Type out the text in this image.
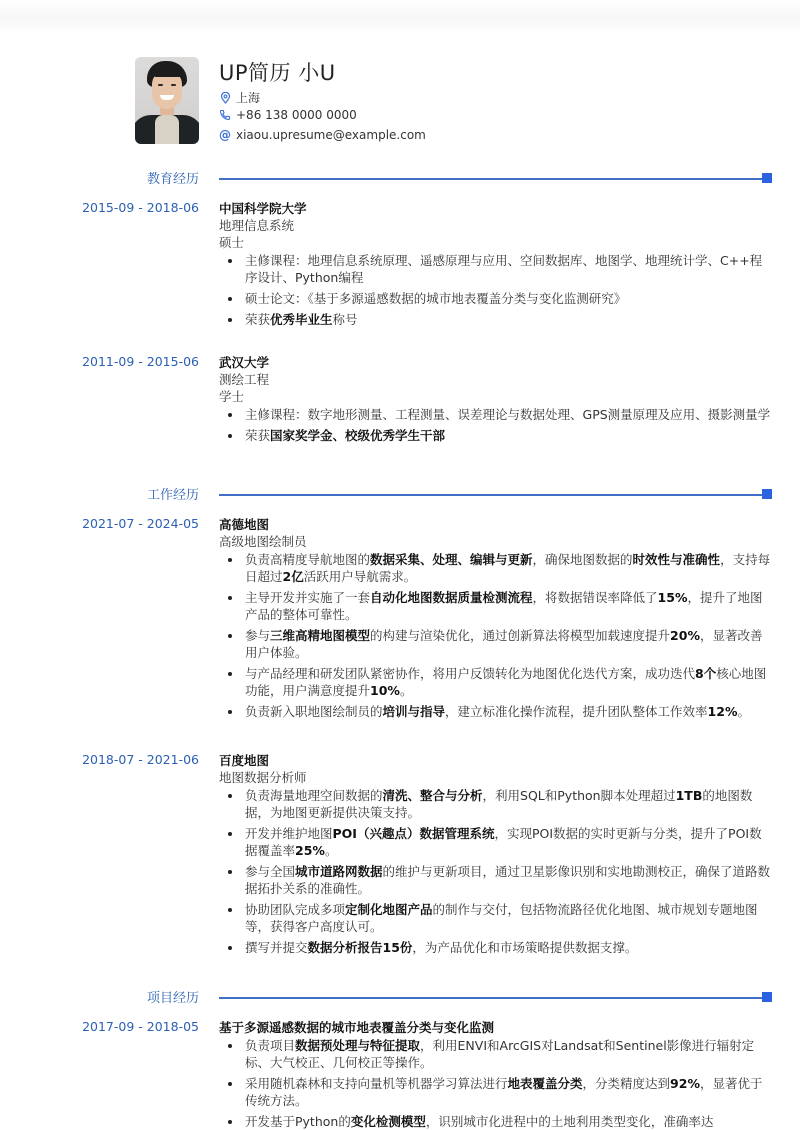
UP简历 小U
上海
+86 138 0000 0000
@ xiaou.upresume@example.com
教育经历
2015-09 - 2018-06 中国科学院大学
地理信息系统
硕士
主修课程：地理信息系统原理、遥感原理与应用、空间数据库、地图学、地理统计学、C++程序设计、Python编程
硕士论文：《基于多源遥感数据的城市地表覆盖分类与变化监测研究》
荣获优秀毕业生称号
2011-09 - 2015-06 武汉大学
测绘工程
学士
主修课程：数字地形测量、工程测量、误差理论与数据处理、GPS测量原理及应用、摄影测量学
荣获国家奖学金、校级优秀学生干部
工作经历
2021-07 - 2024-05 高德地图
高级地图绘制员
负责高精度导航地图的数据采集、处理、编辑与更新，确保地图数据的时效性与准确性，支持每日超过2亿活跃用户导航需求。
主导开发并实施了一套自动化地图数据质量检测流程，将数据错误率降低了15%，提升了地图产品的整体可靠性。
参与三维高精地图模型的构建与渲染优化，通过创新算法将模型加载速度提升20%，显著改善用户体验。
与产品经理和研发团队紧密协作，将用户反馈转化为地图优化迭代方案，成功迭代8个核心地图功能，用户满意度提升10%。
负责新入职地图绘制员的培训与指导，建立标准化操作流程，提升团队整体工作效率12%。
2018-07 - 2021-06 百度地图
地图数据分析师
负责海量地理空间数据的清洗、整合与分析，利用SQL和Python脚本处理超过1TB的地图数据，为地图更新提供决策支持。
开发并维护地图POI（兴趣点）数据管理系统，实现POI数据的实时更新与分类，提升了POI数据覆盖率25%。
参与全国城市道路网数据的维护与更新项目，通过卫星影像识别和实地勘测校正，确保了道路数据拓扑关系的准确性。
协助团队完成多项定制化地图产品的制作与交付，包括物流路径优化地图、城市规划专题地图等，获得客户高度认可。
撰写并提交数据分析报告15份，为产品优化和市场策略提供数据支撑。
项目经历
2017-09 - 2018-05 基于多源遥感数据的城市地表覆盖分类与变化监测
负责项目数据预处理与特征提取，利用ENVI和ArcGIS对Landsat和Sentinel影像进行辐射定标、大气校正、几何校正等操作。
采用随机森林和支持向量机等机器学习算法进行地表覆盖分类，分类精度达到92%，显著优于传统方法。
开发基于Python的变化检测模型，识别城市化进程中的土地利用类型变化，准确率达
